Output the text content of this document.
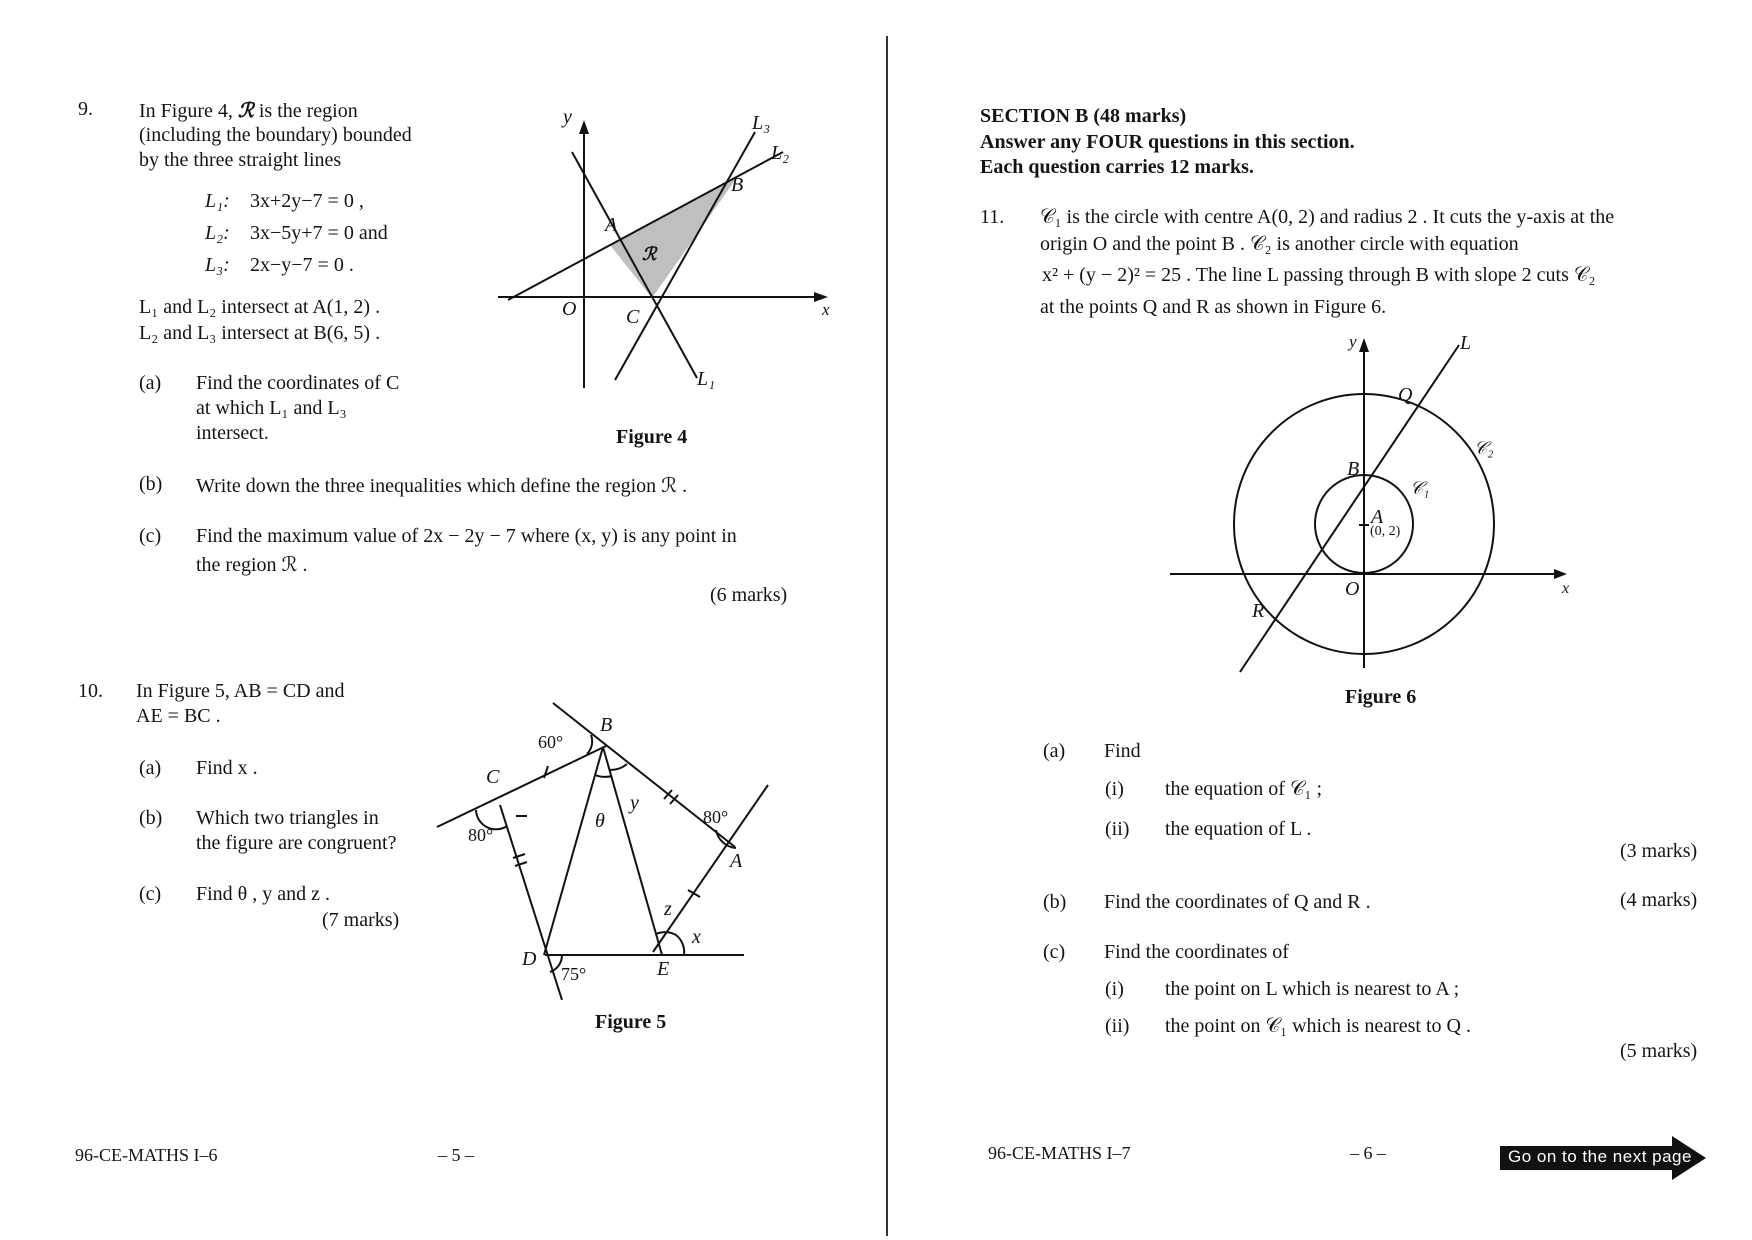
9. In Figure 4, ℛ is the region
(including the boundary) bounded
by the three straight lines
L₁: 3x+2y−7 = 0 ,
L₂: 3x−5y+7 = 0 and
L₃: 2x−y−7 = 0 .
L₁ and L₂ intersect at A(1, 2) .
L₂ and L₃ intersect at B(6, 5) .
(a) Find the coordinates of C
at which L₁ and L₃
intersect.
(b) Write down the three inequalities which define the region ℛ .
(c) Find the maximum value of 2x − 2y − 7 where (x, y) is any point in
the region ℛ .
(6 marks)
y
x
O
A
B
C
L₁
L₂
L₃
ℛ
Figure 4
10. In Figure 5, AB = CD and
AE = BC .
(a) Find x .
(b) Which two triangles in
the figure are congruent?
(c) Find θ , y and z .
(7 marks)
B
C
A
D	E
60°
80°
80°
75°
θ
y
z
x
Figure 5
96-CE-MATHS I–6	– 5 –
SECTION B (48 marks)
Answer any FOUR questions in this section.
Each question carries 12 marks.
11. 𝒞₁ is the circle with centre A(0, 2) and radius 2 . It cuts the y-axis at the
origin O and the point B . 𝒞₂ is another circle with equation
x² + (y − 2)² = 25 . The line L passing through B with slope 2 cuts 𝒞₂
at the points Q and R as shown in Figure 6.
y
x
L
Q
B
A
(0, 2)
O
R
𝒞₁
𝒞₂
Figure 6
(a) Find
(i) the equation of 𝒞₁ ;
(ii) the equation of L .
(3 marks)
(b) Find the coordinates of Q and R .	(4 marks)
(c) Find the coordinates of
(i) the point on L which is nearest to A ;
(ii) the point on 𝒞₁ which is nearest to Q .
(5 marks)
96-CE-MATHS I–7	– 6 –	Go on to the next page
